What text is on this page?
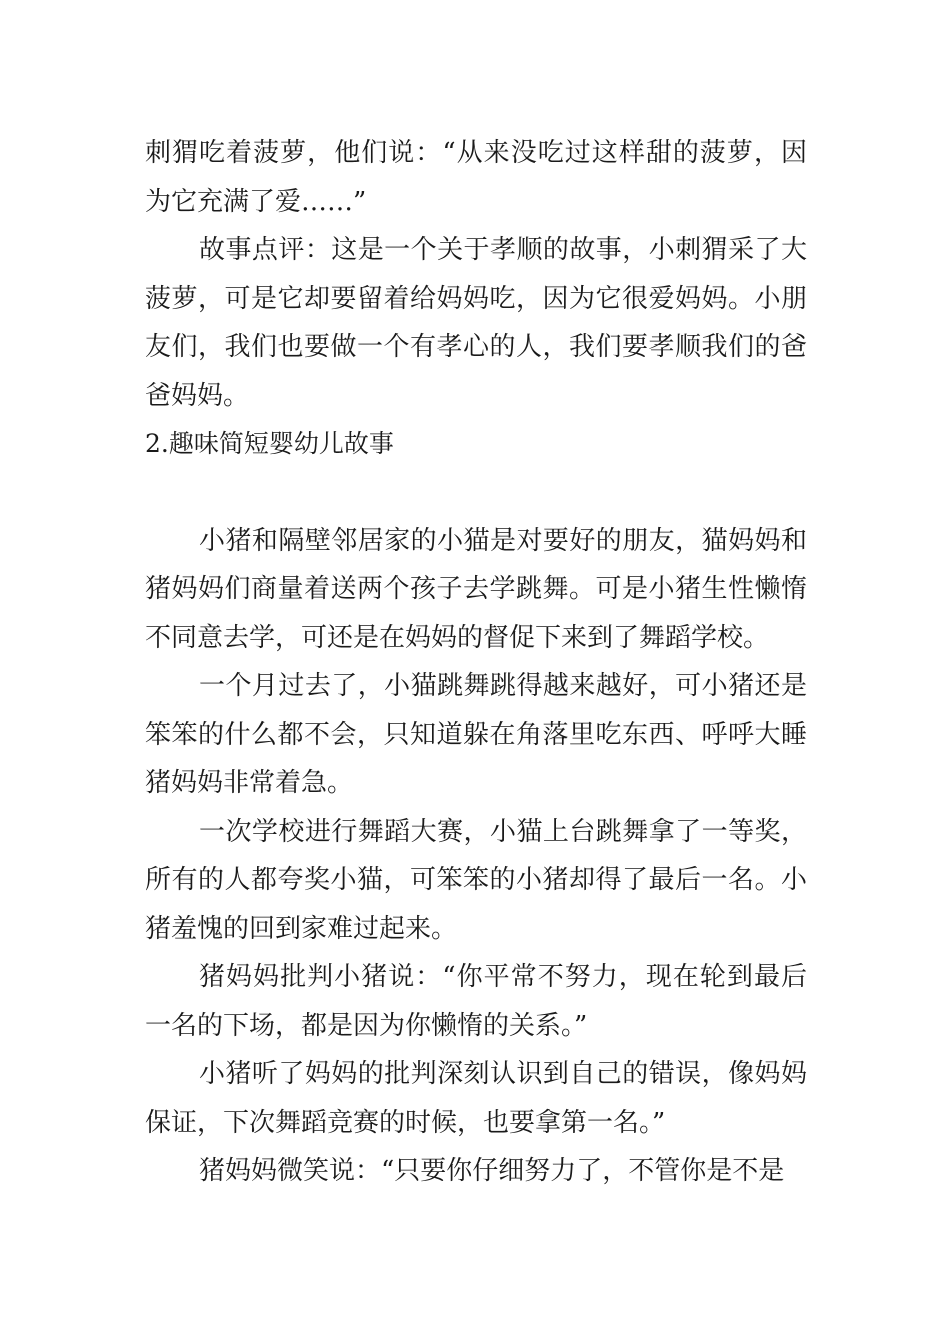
刺猬吃着菠萝，他们说：“从来没吃过这样甜的菠萝，因为它充满了爱……”

故事点评：这是一个关于孝顺的故事，小刺猬采了大菠萝，可是它却要留着给妈妈吃，因为它很爱妈妈。小朋友们，我们也要做一个有孝心的人，我们要孝顺我们的爸爸妈妈。

2.趣味简短婴幼儿故事

小猪和隔壁邻居家的小猫是对要好的朋友，猫妈妈和猪妈妈们商量着送两个孩子去学跳舞。可是小猪生性懒惰不同意去学，可还是在妈妈的督促下来到了舞蹈学校。

一个月过去了，小猫跳舞跳得越来越好，可小猪还是笨笨的什么都不会，只知道躲在角落里吃东西、呼呼大睡猪妈妈非常着急。

一次学校进行舞蹈大赛，小猫上台跳舞拿了一等奖，所有的人都夸奖小猫，可笨笨的小猪却得了最后一名。小猪羞愧的回到家难过起来。

猪妈妈批判小猪说：“你平常不努力，现在轮到最后一名的下场，都是因为你懒惰的关系。”

小猪听了妈妈的批判深刻认识到自己的错误，像妈妈保证，下次舞蹈竞赛的时候，也要拿第一名。”

猪妈妈微笑说：“只要你仔细努力了，不管你是不是
